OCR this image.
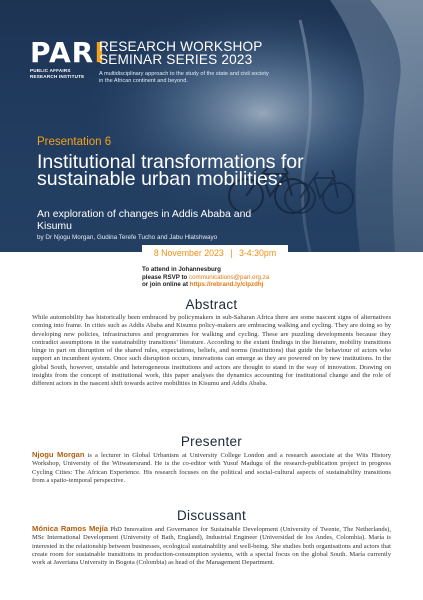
PARI
PUBLIC AFFAIRS RESEARCH INSTITUTE
RESEARCH WORKSHOP SEMINAR SERIES 2023
A multidisciplinary approach to the study of the state and civil society in the African continent and beyond.
Presentation 6
Institutional transformations for sustainable urban mobilities:
An exploration of changes in Addis Ababa and Kisumu
by Dr Njogu Morgan, Gudina Terefe Tucho and Jabu Hlatshwayo
8 November 2023 | 3-4:30pm
To attend in Johannesburg
please RSVP to communications@pari.org.za
or join online at https://rebrand.ly/clpzdhj
Abstract
While automobility has historically been embraced by policymakers in sub-Saharan Africa there are some nascent signs of alternatives coming into frame. In cities such as Addis Ababa and Kisumu policy-makers are embracing walking and cycling. They are doing so by developing new policies, infrastructures and programmes for walking and cycling. These are puzzling developments because they contradict assumptions in the sustainability transitions’ literature. According to the extant findings in the literature, mobility transitions hinge in part on disruption of the shared rules, expectations, beliefs, and norms (institutions) that guide the behaviour of actors who support an incumbent system. Once such disruption occurs, innovations can emerge as they are powered on by new institutions. In the global South, however, unstable and heterogeneous institutions and actors are thought to stand in the way of innovation. Drawing on insights from the concept of institutional work, this paper analyses the dynamics accounting for institutional change and the role of different actors in the nascent shift towards active mobilities in Kisumu and Addis Ababa.
Presenter
Njogu Morgan is a lecturer in Global Urbanism at University College London and a research associate at the Wits History Workshop, University of the Witwatersrand. He is the co-editor with Yusuf Madugu of the research-publication project in progress Cycling Cities: The African Experience. His research focuses on the political and social-cultural aspects of sustainability transitions from a spatio-temporal perspective.
Discussant
Mónica Ramos Mejía PhD Innovation and Governance for Sustainable Development (University of Twente, The Netherlands), MSc International Development (University of Bath, England), Industrial Engineer (Universidad de los Andes, Colombia). María is interested in the relationship between businesses, ecological sustainability and well-being. She studies both organisations and actors that create room for sustainable transitions in production-consumption systems, with a special focus on the global South. María currently work at Javeriana University in Bogota (Colombia) as head of the Management Department.
